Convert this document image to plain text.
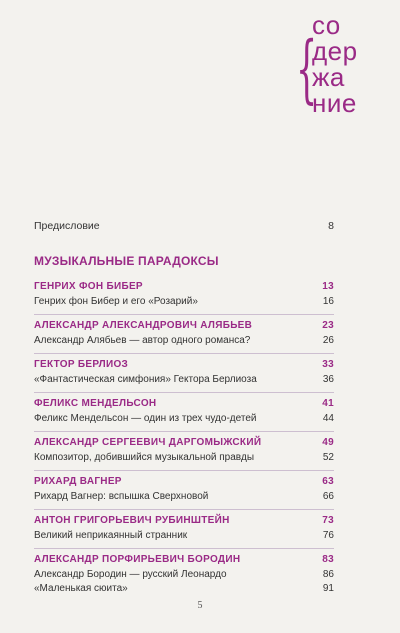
{
со
дер
жа
ние
Предисловие	8
МУЗЫКАЛЬНЫЕ ПАРАДОКСЫ
ГЕНРИХ ФОН БИБЕР	13
Генрих фон Бибер и его «Розарий»	16
АЛЕКСАНДР АЛЕКСАНДРОВИЧ АЛЯБЬЕВ	23
Александр Алябьев — автор одного романса?	26
ГЕКТОР БЕРЛИОЗ	33
«Фантастическая симфония» Гектора Берлиоза	36
ФЕЛИКС МЕНДЕЛЬСОН	41
Феликс Мендельсон — один из трех чудо-детей	44
АЛЕКСАНДР СЕРГЕЕВИЧ ДАРГОМЫЖСКИЙ	49
Композитор, добившийся музыкальной правды	52
РИХАРД ВАГНЕР	63
Рихард Вагнер: вспышка Сверхновой	66
АНТОН ГРИГОРЬЕВИЧ РУБИНШТЕЙН	73
Великий неприкаянный странник	76
АЛЕКСАНДР ПОРФИРЬЕВИЧ БОРОДИН	83
Александр Бородин — русский Леонардо	86
«Маленькая сюита»	91
5
